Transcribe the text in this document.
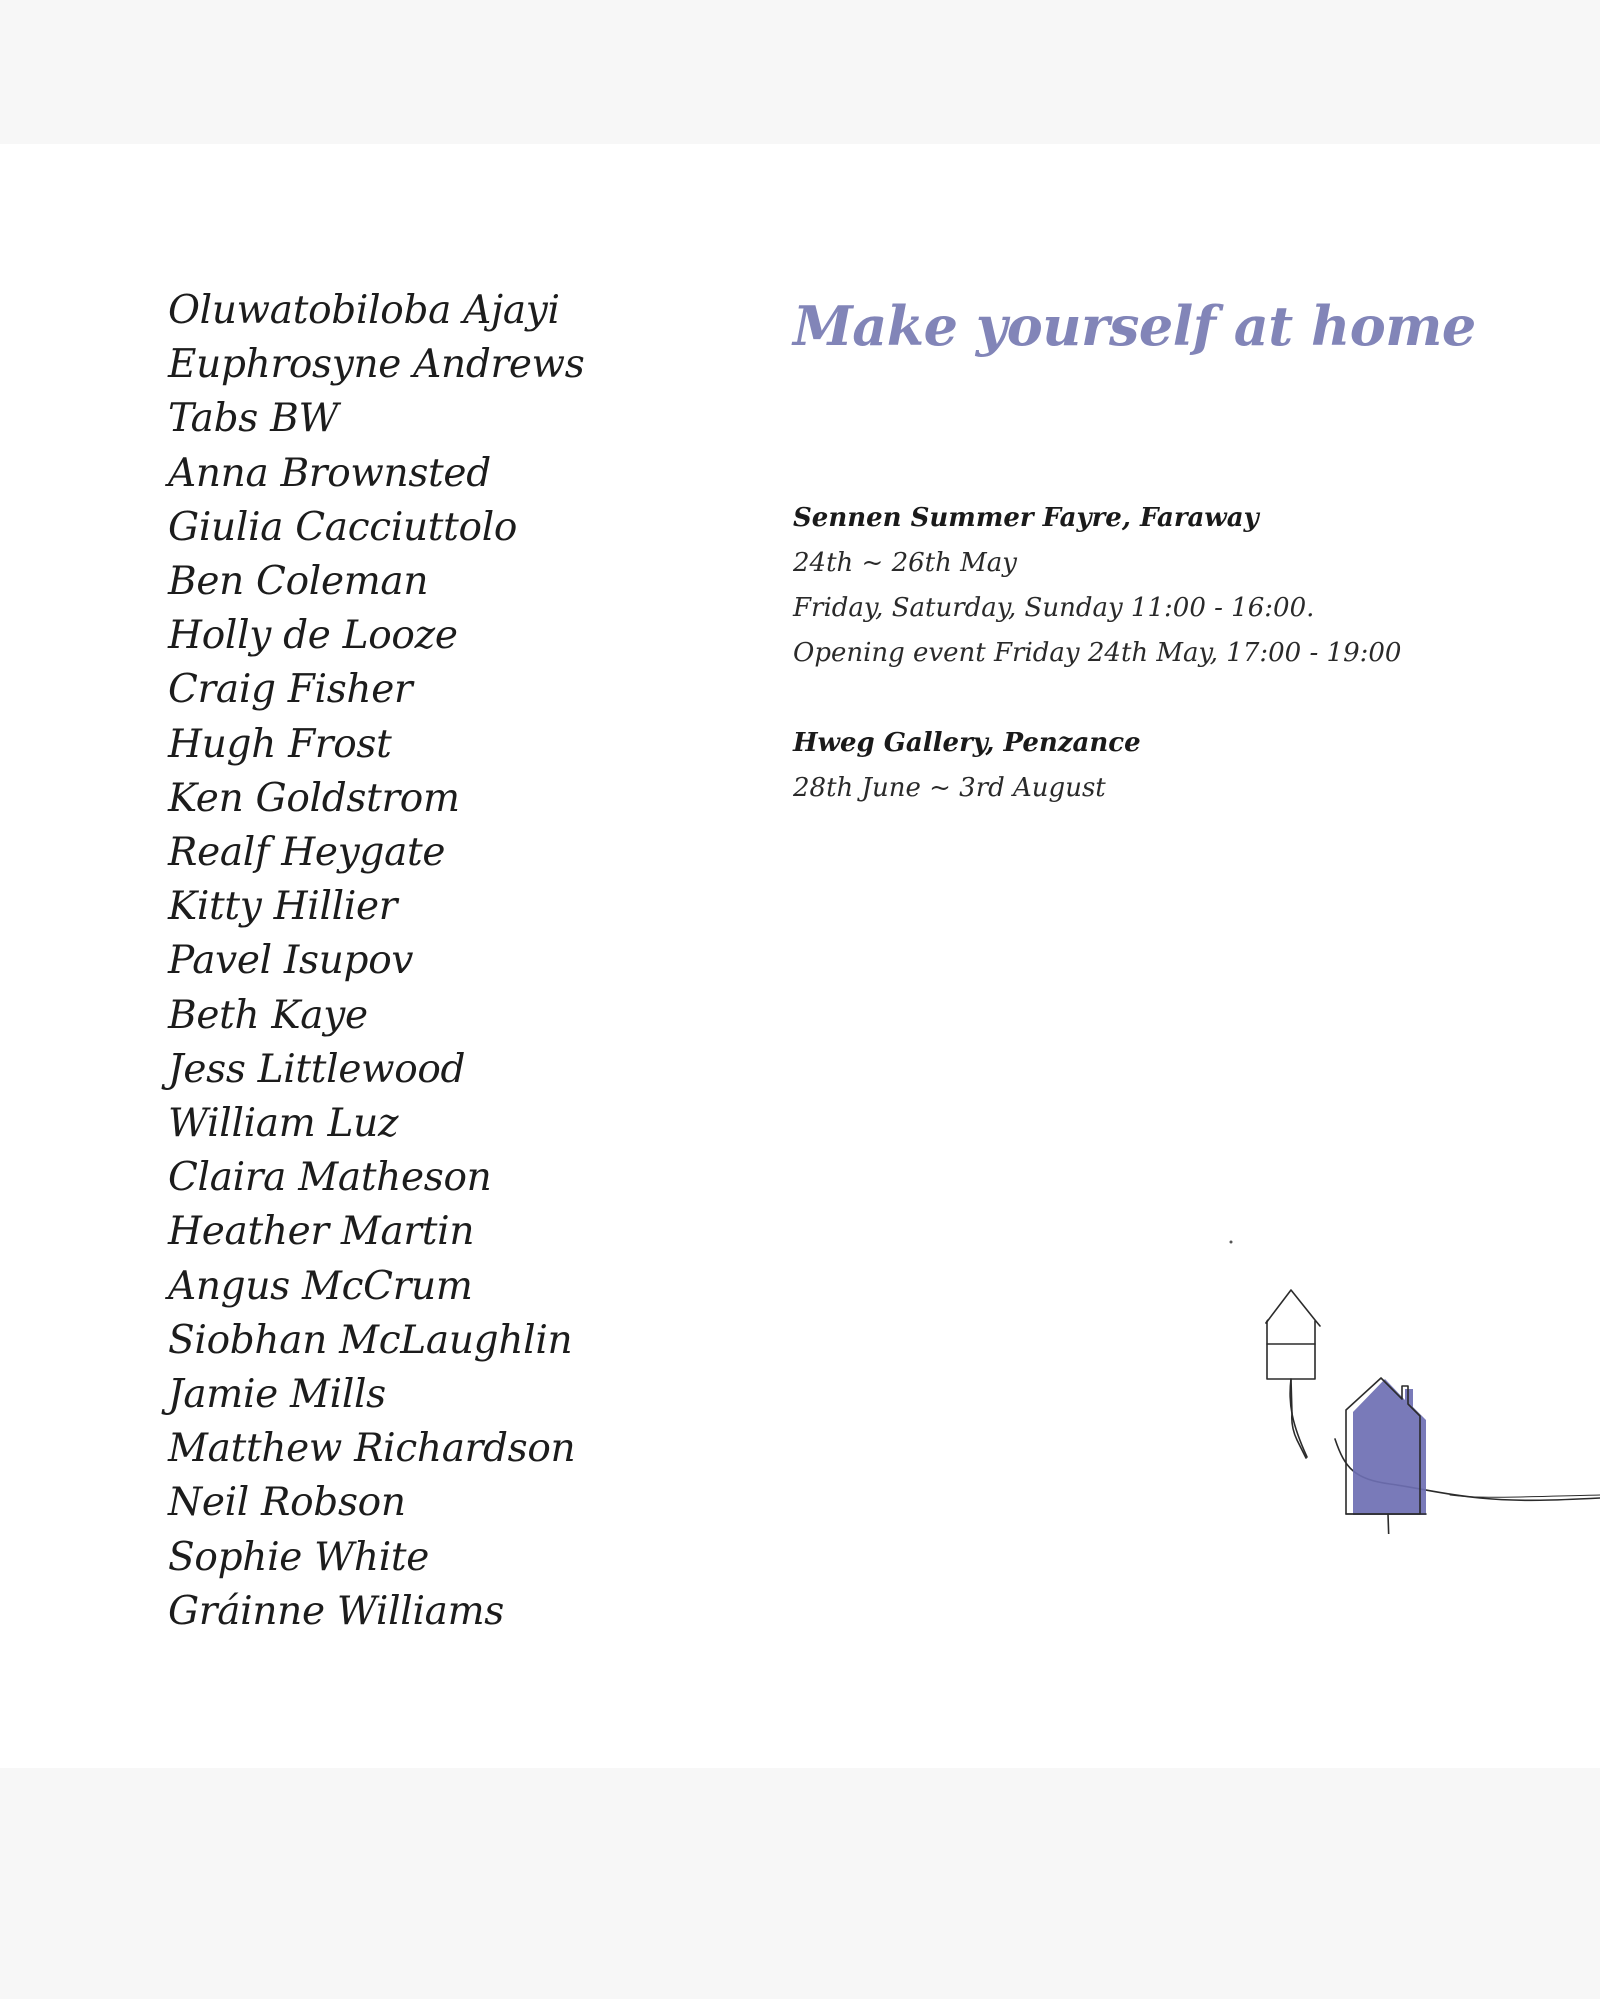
Oluwatobiloba Ajayi
Euphrosyne Andrews
Tabs BW
Anna Brownsted
Giulia Cacciuttolo
Ben Coleman
Holly de Looze
Craig Fisher
Hugh Frost
Ken Goldstrom
Realf Heygate
Kitty Hillier
Pavel Isupov
Beth Kaye
Jess Littlewood
William Luz
Claira Matheson
Heather Martin
Angus McCrum
Siobhan McLaughlin
Jamie Mills
Matthew Richardson
Neil Robson
Sophie White
Gráinne Williams
Make yourself at home
Sennen Summer Fayre, Faraway
24th ~ 26th May
Friday, Saturday, Sunday 11:00 - 16:00.
Opening event Friday 24th May, 17:00 - 19:00
Hweg Gallery, Penzance
28th June ~ 3rd August
